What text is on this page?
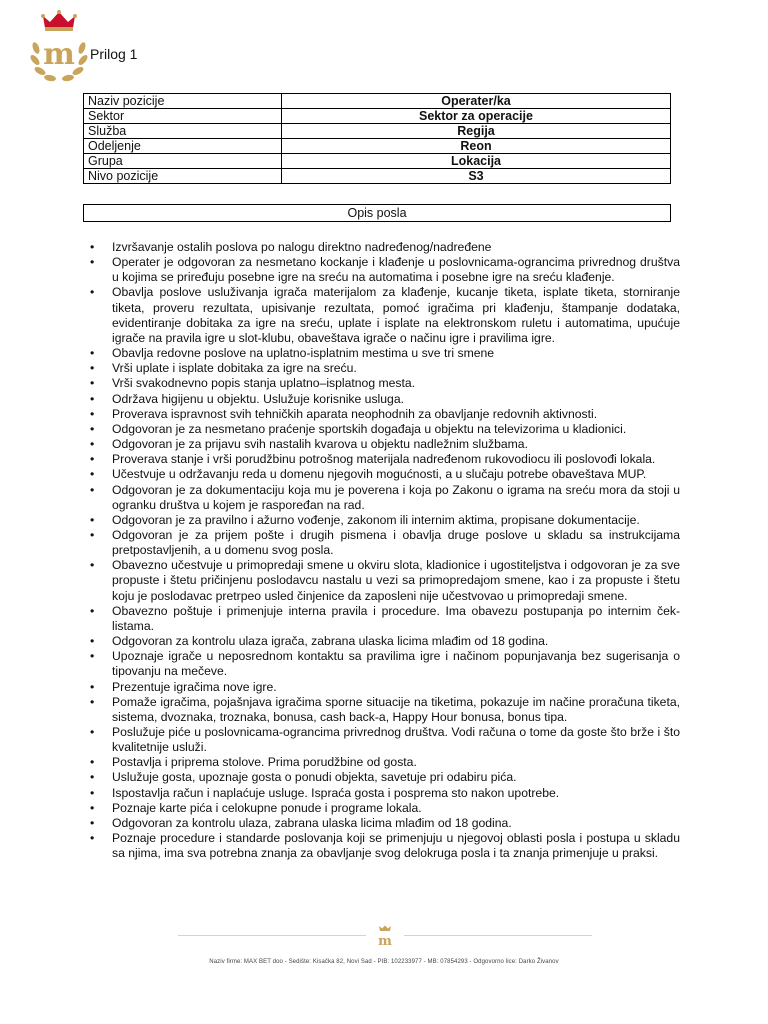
m Prilog 1
Naziv pozicije	Operater/ka
Sektor	Sektor za operacije
Služba	Regija
Odeljenje	Reon
Grupa	Lokacija
Nivo pozicije	S3
Opis posla
• Izvršavanje ostalih poslova po nalogu direktno nadređenog/nadređene
• Operater je odgovoran za nesmetano kockanje i klađenje u poslovnicama-ograncima privrednog društva u kojima se priređuju posebne igre na sreću na automatima i posebne igre na sreću klađenje.
• Obavlja poslove usluživanja igrača materijalom za klađenje, kucanje tiketa, isplate tiketa, storniranje tiketa, proveru rezultata, upisivanje rezultata, pomoć igračima pri klađenju, štampanje dodataka, evidentiranje dobitaka za igre na sreću, uplate i isplate na elektronskom ruletu i automatima, upućuje igrače na pravila igre u slot-klubu, obaveštava igrače o načinu igre i pravilima igre.
• Obavlja redovne poslove na uplatno-isplatnim mestima u sve tri smene
• Vrši uplate i isplate dobitaka za igre na sreću.
• Vrši svakodnevno popis stanja uplatno–isplatnog mesta.
• Održava higijenu u objektu. Uslužuje korisnike usluga.
• Proverava ispravnost svih tehničkih aparata neophodnih za obavljanje redovnih aktivnosti.
• Odgovoran je za nesmetano praćenje sportskih događaja u objektu na televizorima u kladionici.
• Odgovoran je za prijavu svih nastalih kvarova u objektu nadležnim službama.
• Proverava stanje i vrši porudžbinu potrošnog materijala nadređenom rukovodiocu ili poslovođi lokala.
• Učestvuje u održavanju reda u domenu njegovih mogućnosti, a u slučaju potrebe obaveštava MUP.
• Odgovoran je za dokumentaciju koja mu je poverena i koja po Zakonu o igrama na sreću mora da stoji u ogranku društva u kojem je raspoređan na rad.
• Odgovoran je za pravilno i ažurno vođenje, zakonom ili internim aktima, propisane dokumentacije.
• Odgovoran je za prijem pošte i drugih pismena i obavlja druge poslove u skladu sa instrukcijama pretpostavljenih, a u domenu svog posla.
• Obavezno učestvuje u primopredaji smene u okviru slota, kladionice i ugostiteljstva i odgovoran je za sve propuste i štetu pričinjenu poslodavcu nastalu u vezi sa primopredajom smene, kao i za propuste i štetu koju je poslodavac pretrpeo usled činjenice da zaposleni nije učestvovao u primopredaji smene.
• Obavezno poštuje i primenjuje interna pravila i procedure. Ima obavezu postupanja po internim ček-listama.
• Odgovoran za kontrolu ulaza igrača, zabrana ulaska licima mlađim od 18 godina.
• Upoznaje igrače u neposrednom kontaktu sa pravilima igre i načinom popunjavanja bez sugerisanja o tipovanju na mečeve.
• Prezentuje igračima nove igre.
• Pomaže igračima, pojašnjava igračima sporne situacije na tiketima, pokazuje im načine proračuna tiketa, sistema, dvoznaka, troznaka, bonusa, cash back-a, Happy Hour bonusa, bonus tipa.
• Poslužuje piće u poslovnicama-ograncima privrednog društva. Vodi računa o tome da goste što brže i što kvalitetnije usluži.
• Postavlja i priprema stolove. Prima porudžbine od gosta.
• Uslužuje gosta, upoznaje gosta o ponudi objekta, savetuje pri odabiru pića.
• Ispostavlja račun i naplaćuje usluge. Ispraća gosta i posprema sto nakon upotrebe.
• Poznaje karte pića i celokupne ponude i programe lokala.
• Odgovoran za kontrolu ulaza, zabrana ulaska licima mlađim od 18 godina.
• Poznaje procedure i standarde poslovanja koji se primenjuju u njegovoj oblasti posla i postupa u skladu sa njima, ima sva potrebna znanja za obavljanje svog delokruga posla i ta znanja primenjuje u praksi.
m
Naziv firme: MAX BET doo - Sedište: Kisačka 82, Novi Sad - PIB: 102233977 - MB: 07854293 - Odgovorno lice: Darko Živanov
